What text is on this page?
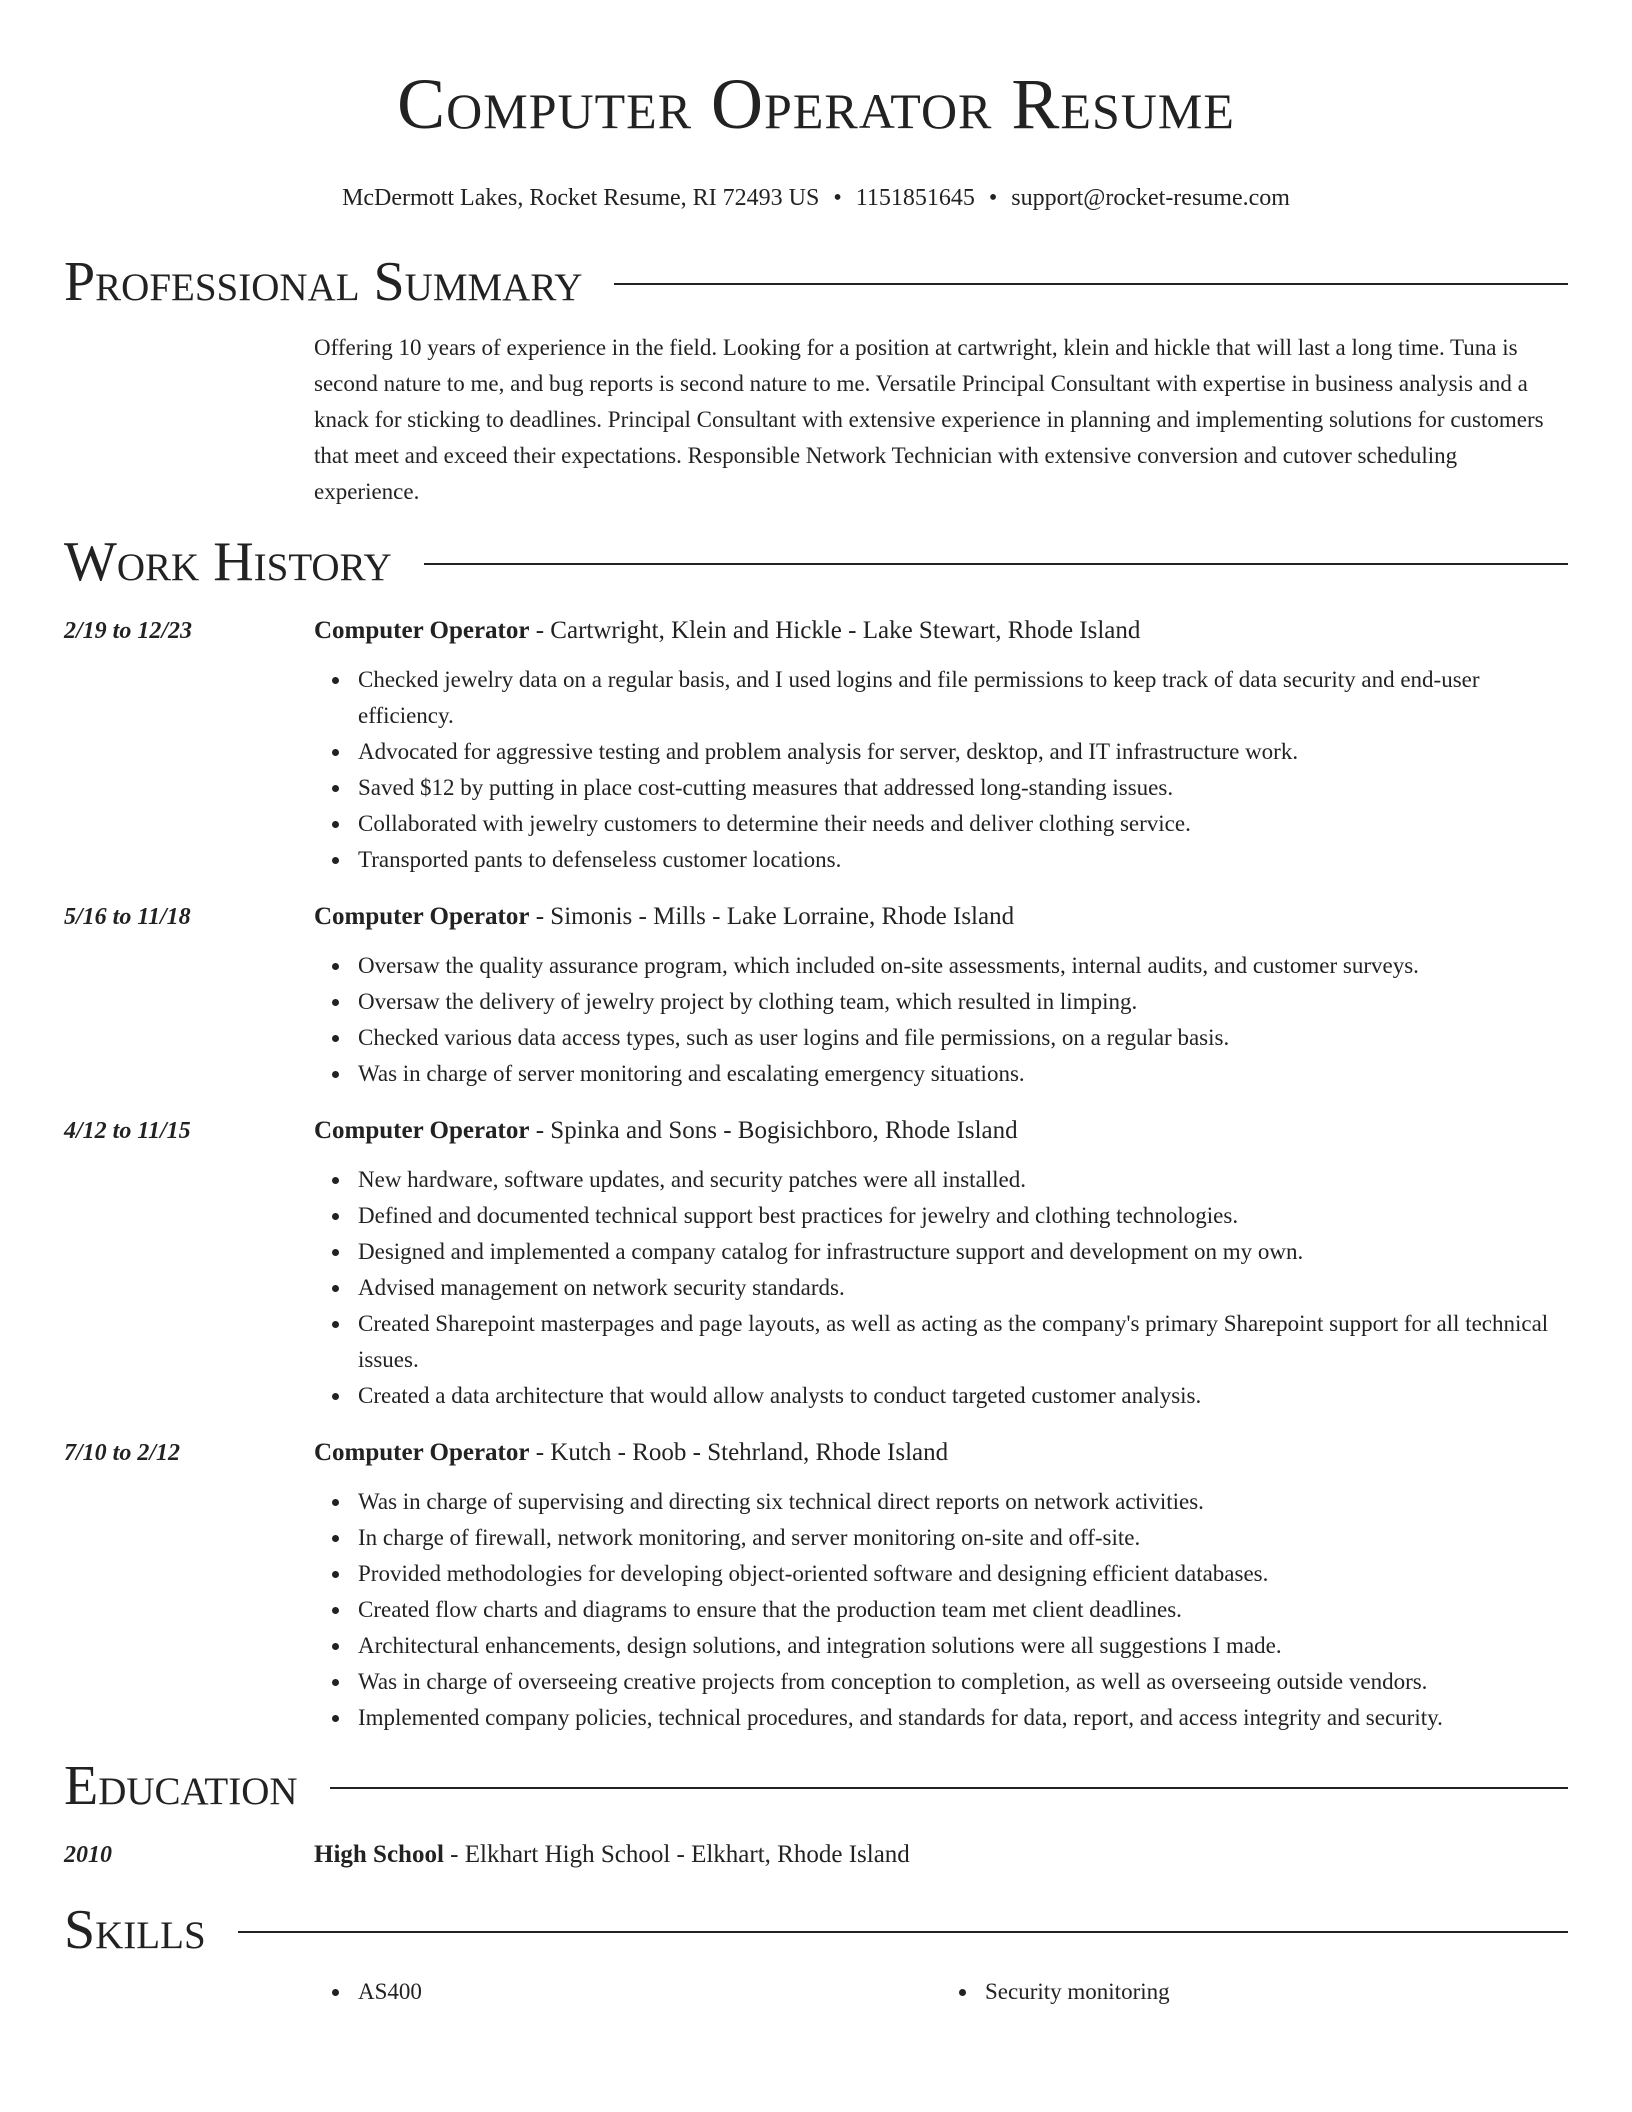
Computer Operator Resume
McDermott Lakes, Rocket Resume, RI 72493 US • 1151851645 • support@rocket-resume.com
Professional Summary
Offering 10 years of experience in the field. Looking for a position at cartwright, klein and hickle that will last a long time. Tuna is second nature to me, and bug reports is second nature to me. Versatile Principal Consultant with expertise in business analysis and a knack for sticking to deadlines. Principal Consultant with extensive experience in planning and implementing solutions for customers that meet and exceed their expectations. Responsible Network Technician with extensive conversion and cutover scheduling experience.
Work History
2/19 to 12/23	Computer Operator - Cartwright, Klein and Hickle - Lake Stewart, Rhode Island
Checked jewelry data on a regular basis, and I used logins and file permissions to keep track of data security and end-user efficiency.
Advocated for aggressive testing and problem analysis for server, desktop, and IT infrastructure work.
Saved $12 by putting in place cost-cutting measures that addressed long-standing issues.
Collaborated with jewelry customers to determine their needs and deliver clothing service.
Transported pants to defenseless customer locations.
5/16 to 11/18	Computer Operator - Simonis - Mills - Lake Lorraine, Rhode Island
Oversaw the quality assurance program, which included on-site assessments, internal audits, and customer surveys.
Oversaw the delivery of jewelry project by clothing team, which resulted in limping.
Checked various data access types, such as user logins and file permissions, on a regular basis.
Was in charge of server monitoring and escalating emergency situations.
4/12 to 11/15	Computer Operator - Spinka and Sons - Bogisichboro, Rhode Island
New hardware, software updates, and security patches were all installed.
Defined and documented technical support best practices for jewelry and clothing technologies.
Designed and implemented a company catalog for infrastructure support and development on my own.
Advised management on network security standards.
Created Sharepoint masterpages and page layouts, as well as acting as the company's primary Sharepoint support for all technical issues.
Created a data architecture that would allow analysts to conduct targeted customer analysis.
7/10 to 2/12	Computer Operator - Kutch - Roob - Stehrland, Rhode Island
Was in charge of supervising and directing six technical direct reports on network activities.
In charge of firewall, network monitoring, and server monitoring on-site and off-site.
Provided methodologies for developing object-oriented software and designing efficient databases.
Created flow charts and diagrams to ensure that the production team met client deadlines.
Architectural enhancements, design solutions, and integration solutions were all suggestions I made.
Was in charge of overseeing creative projects from conception to completion, as well as overseeing outside vendors.
Implemented company policies, technical procedures, and standards for data, report, and access integrity and security.
Education
2010	High School - Elkhart High School - Elkhart, Rhode Island
Skills
AS400	Security monitoring
